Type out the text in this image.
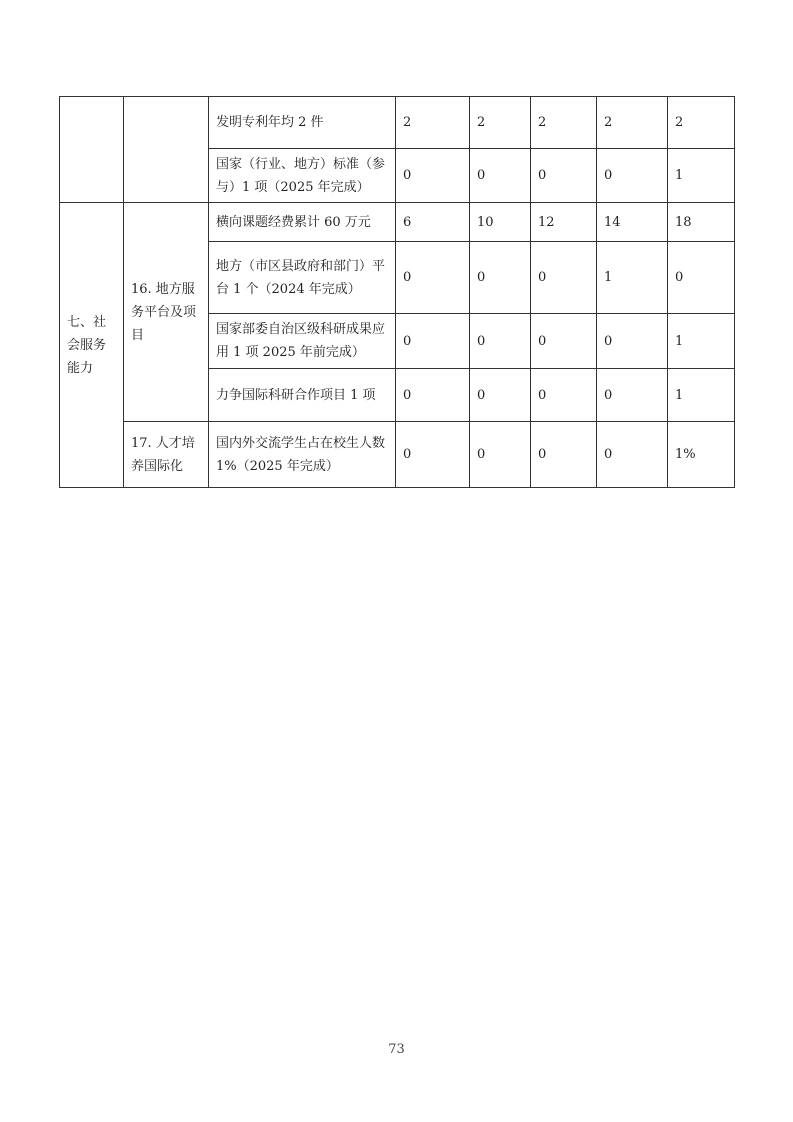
		发明专利年均 2 件	2	2	2	2	2
		国家（行业、地方）标准（参与）1 项（2025 年完成）	0	0	0	0	1
七、社会服务能力	16. 地方服务平台及项目	横向课题经费累计 60 万元	6	10	12	14	18
		地方（市区县政府和部门）平台 1 个（2024 年完成）	0	0	0	1	0
		国家部委自治区级科研成果应用 1 项 2025 年前完成）	0	0	0	0	1
		力争国际科研合作项目 1 项	0	0	0	0	1
	17. 人才培养国际化	国内外交流学生占在校生人数 1%（2025 年完成）	0	0	0	0	1%
73
